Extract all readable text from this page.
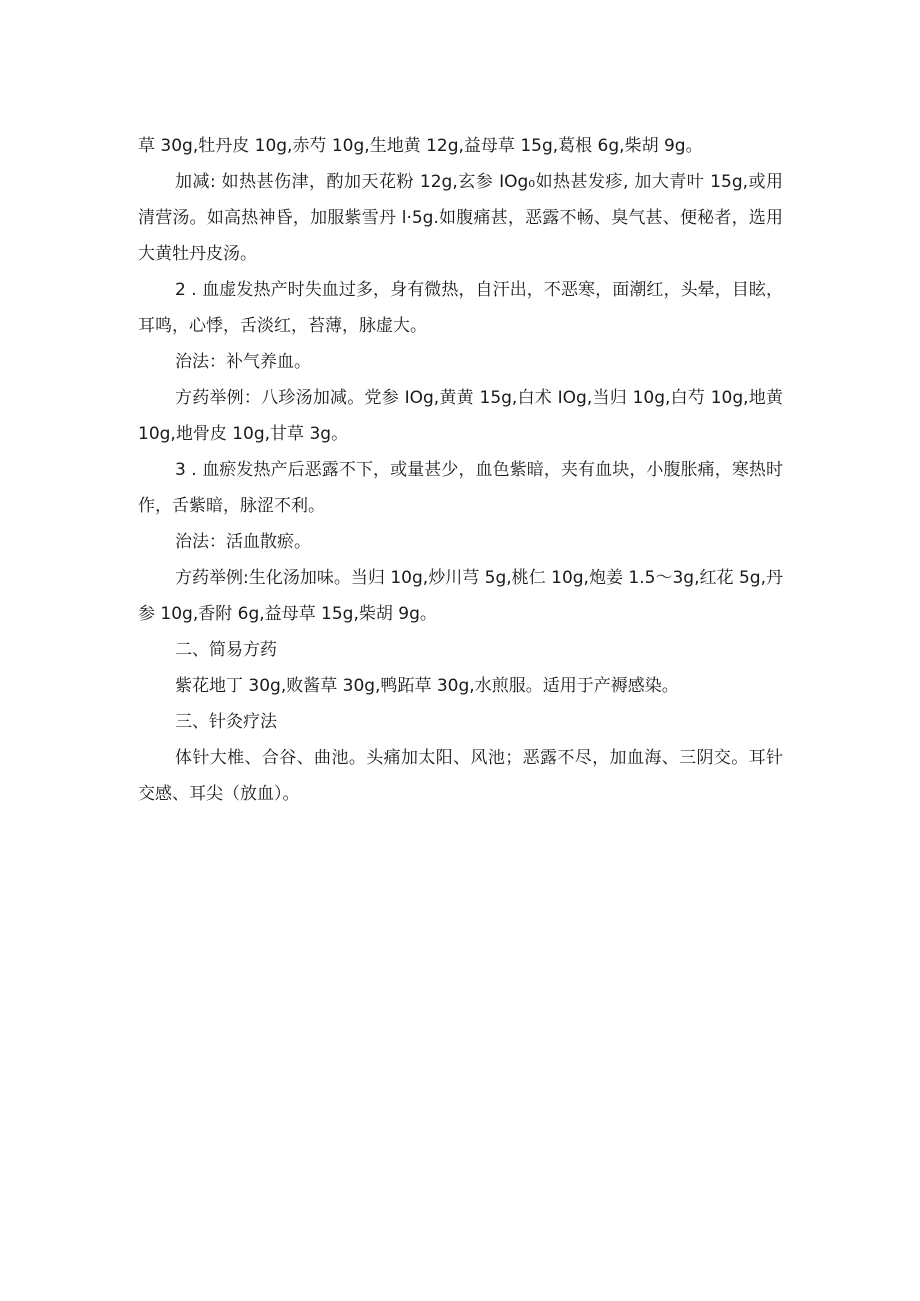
草 30g,牡丹皮 10g,赤芍 10g,生地黄 12g,益母草 15g,葛根 6g,柴胡 9g。

加减: 如热甚伤津，酌加天花粉 12g,玄参 IOg₀如热甚发疹, 加大青叶 15g,或用清营汤。如高热神昏，加服紫雪丹 l·5g.如腹痛甚，恶露不畅、臭气甚、便秘者，选用大黄牡丹皮汤。

2 . 血虚发热产时失血过多，身有微热，自汗出，不恶寒，面潮红，头晕，目眩，耳鸣，心悸，舌淡红，苔薄，脉虚大。

治法：补气养血。

方药举例：八珍汤加减。党参 IOg,黄黄 15g,白术 IOg,当归 10g,白芍 10g,地黄 10g,地骨皮 10g,甘草 3g。

3 . 血瘀发热产后恶露不下，或量甚少，血色紫暗，夹有血块，小腹胀痛，寒热时作，舌紫暗，脉涩不利。

治法：活血散瘀。

方药举例:生化汤加味。当归 10g,炒川芎 5g,桃仁 10g,炮姜 1.5～3g,红花 5g,丹参 10g,香附 6g,益母草 15g,柴胡 9g。

二、简易方药

紫花地丁 30g,败酱草 30g,鸭跖草 30g,水煎服。适用于产褥感染。

三、针灸疗法

体针大椎、合谷、曲池。头痛加太阳、风池；恶露不尽，加血海、三阴交。耳针交感、耳尖（放血）。
